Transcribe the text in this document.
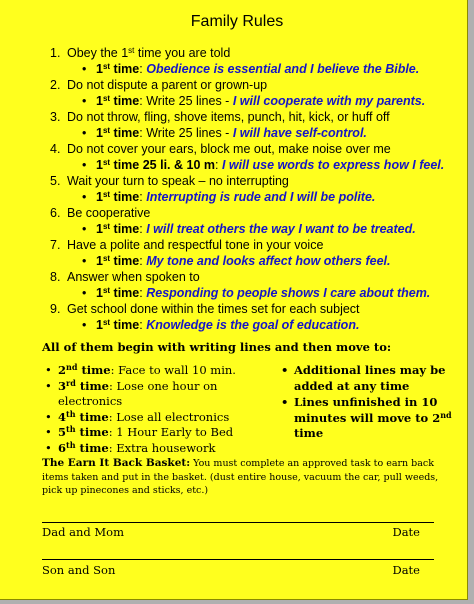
Family Rules
1. Obey the 1st time you are told
• 1st time: Obedience is essential and I believe the Bible.
2. Do not dispute a parent or grown-up
• 1st time: Write 25 lines - I will cooperate with my parents.
3. Do not throw, fling, shove items, punch, hit, kick, or huff off
• 1st time: Write 25 lines - I will have self-control.
4. Do not cover your ears, block me out, make noise over me
• 1st time 25 li. & 10 m: I will use words to express how I feel.
5. Wait your turn to speak – no interrupting
• 1st time: Interrupting is rude and I will be polite.
6. Be cooperative
• 1st time: I will treat others the way I want to be treated.
7. Have a polite and respectful tone in your voice
• 1st time: My tone and looks affect how others feel.
8. Answer when spoken to
• 1st time: Responding to people shows I care about them.
9. Get school done within the times set for each subject
• 1st time: Knowledge is the goal of education.
All of them begin with writing lines and then move to:
• 2nd time: Face to wall 10 min.
• 3rd time: Lose one hour on electronics
• 4th time: Lose all electronics
• 5th time: 1 Hour Early to Bed
• 6th time: Extra housework
• Additional lines may be added at any time
• Lines unfinished in 10 minutes will move to 2nd time
The Earn It Back Basket: You must complete an approved task to earn back items taken and put in the basket. (dust entire house, vacuum the car, pull weeds, pick up pinecones and sticks, etc.)
Dad and Mom	Date
Son and Son	Date
